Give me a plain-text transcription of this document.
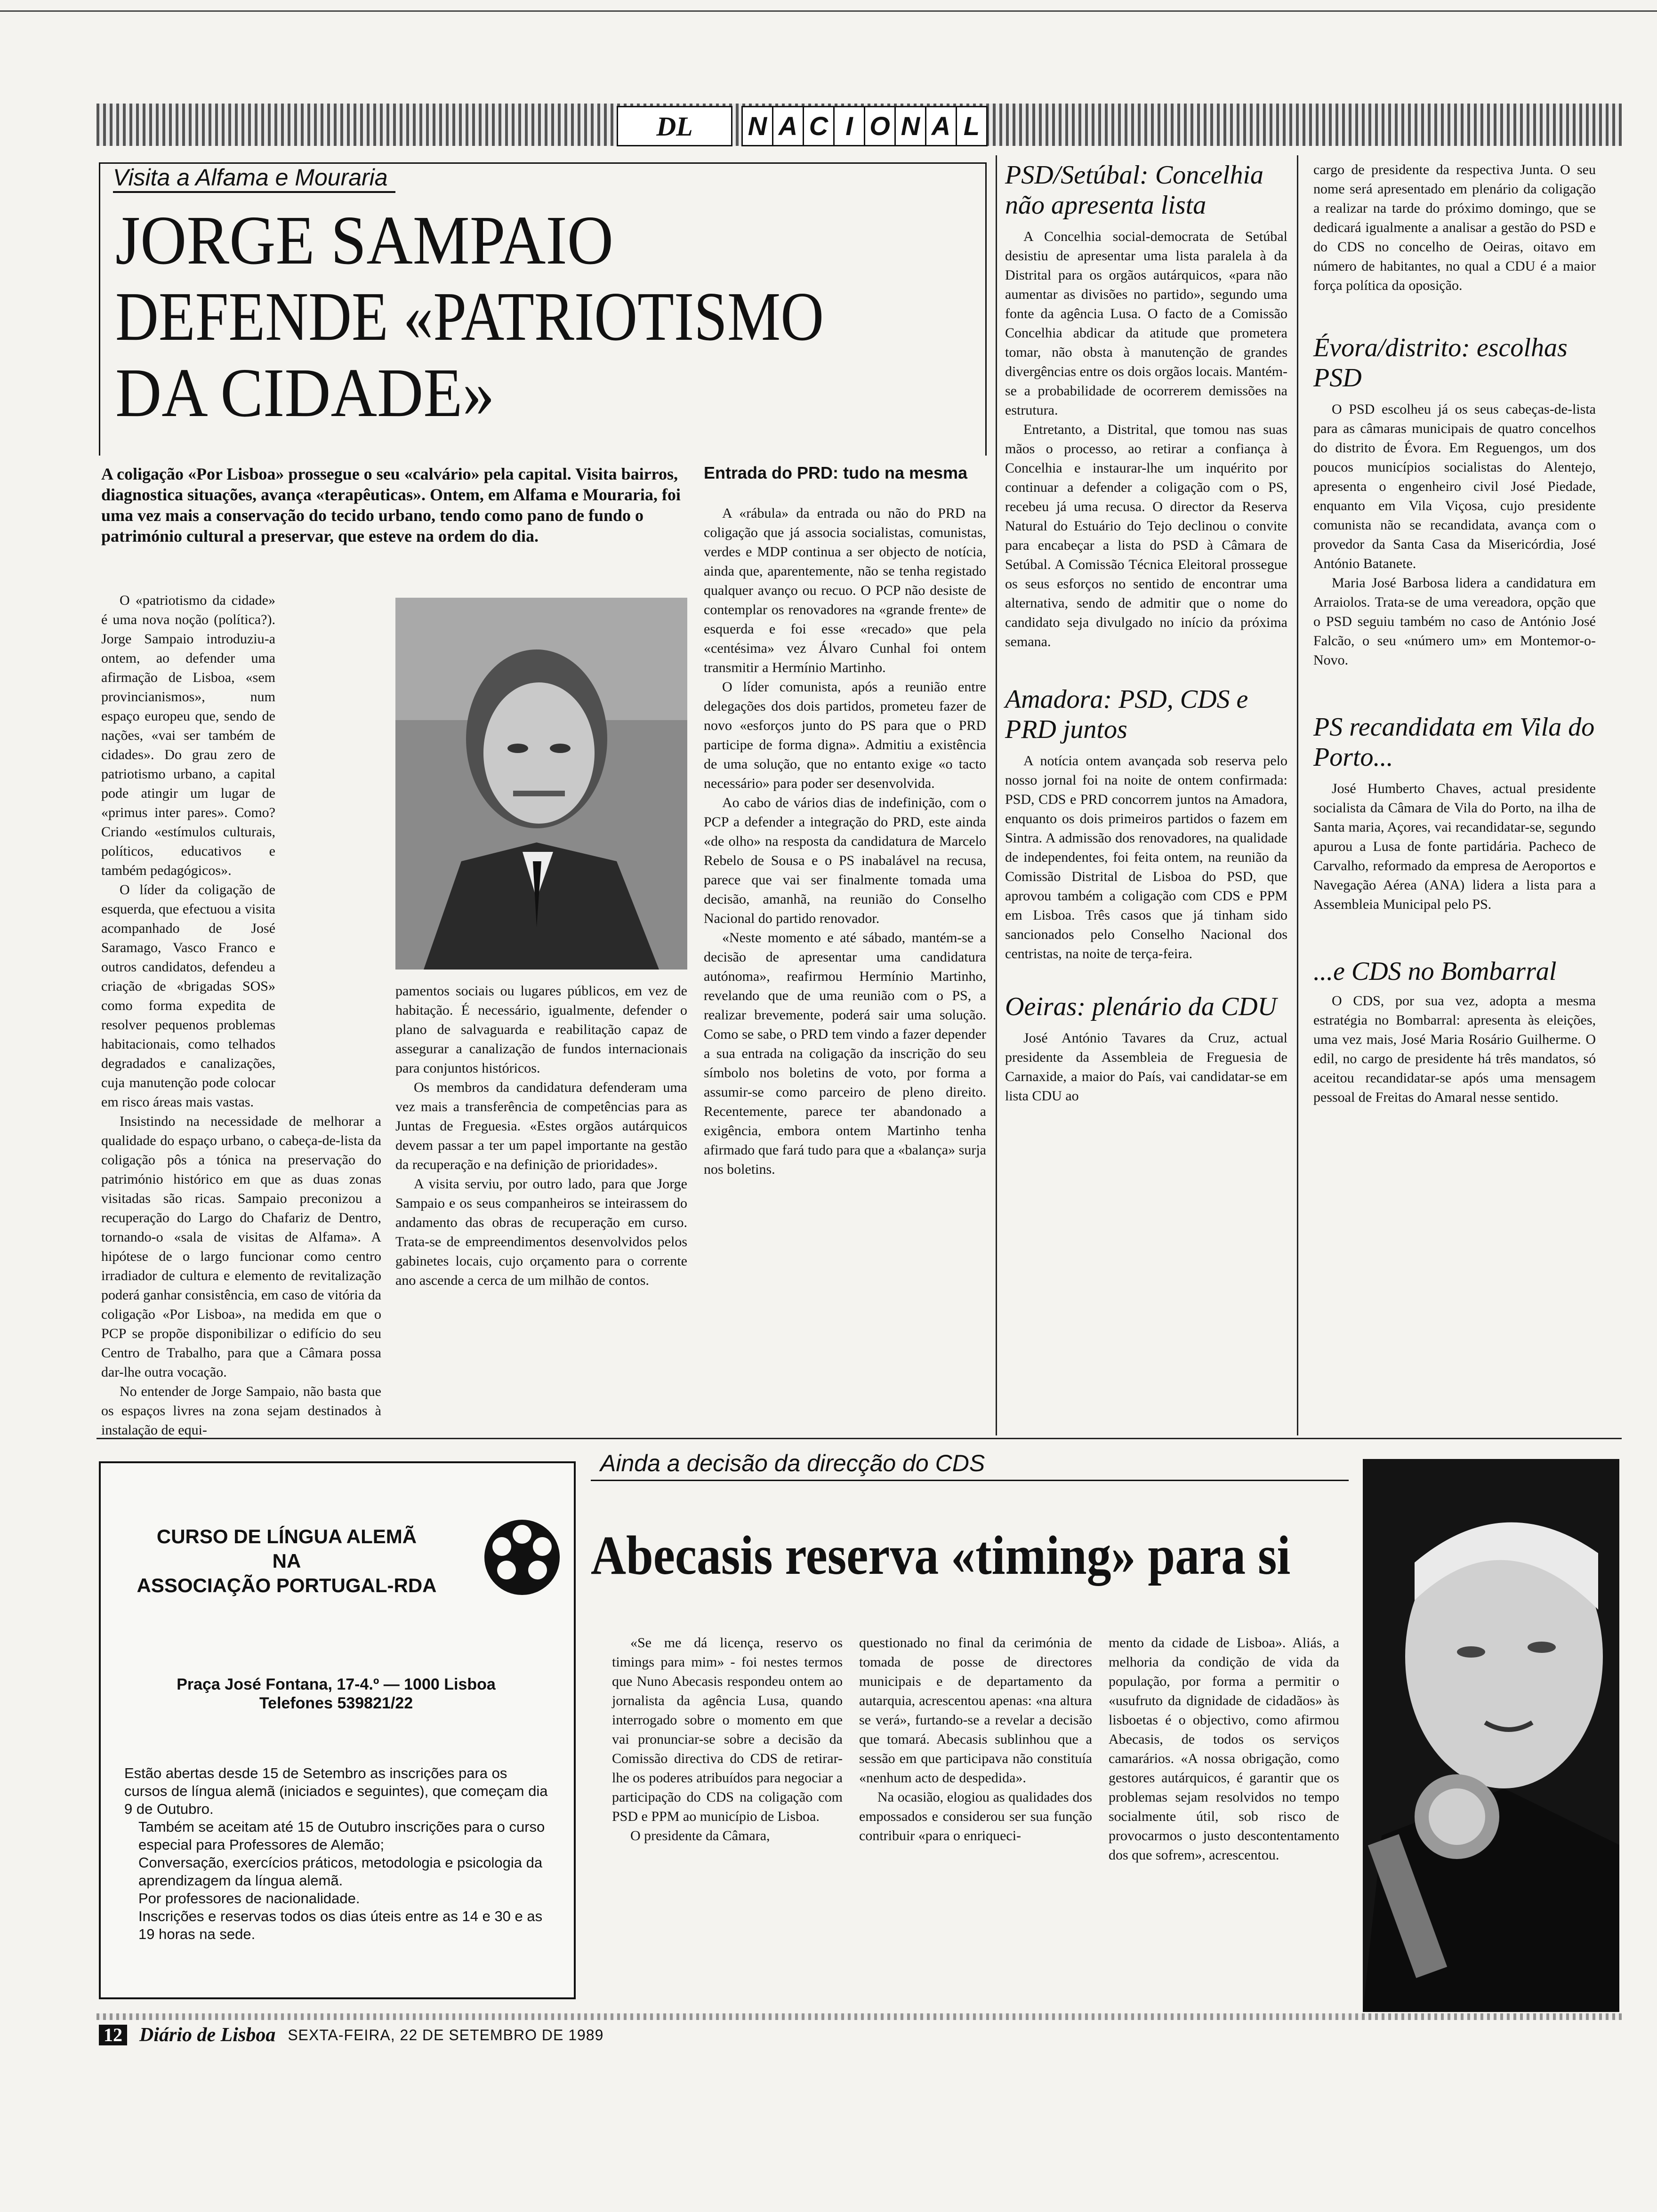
DL	N A C I O N A L
Visita a Alfama e Mouraria
JORGE SAMPAIO
DEFENDE «PATRIOTISMO
DA CIDADE»
A coligação «Por Lisboa» prossegue o seu «calvário» pela capital. Visita bairros, diagnostica situações, avança «terapêuticas». Ontem, em Alfama e Mouraria, foi uma vez mais a conservação do tecido urbano, tendo como pano de fundo o património cultural a preservar, que esteve na ordem do dia.

O «patriotismo da cidade» é uma nova noção (política?). Jorge Sampaio introduziu-a ontem, ao defender uma afirmação de Lisboa, «sem provincianismos», num espaço europeu que, sendo de nações, «vai ser também de cidades». Do grau zero de patriotismo urbano, a capital pode atingir um lugar de «primus inter pares». Como? Criando «estímulos culturais, políticos, educativos e também pedagógicos».

O líder da coligação de esquerda, que efectuou a visita acompanhado de José Saramago, Vasco Franco e outros candidatos, defendeu a criação de «brigadas SOS» como forma expedita de resolver pequenos problemas habitacionais, como telhados degradados e canalizações, cuja manutenção pode colocar em risco áreas mais vastas.

Insistindo na necessidade de melhorar a qualidade do espaço urbano, o cabeça-de-lista da coligação pôs a tónica na preservação do património histórico em que as duas zonas visitadas são ricas. Sampaio preconizou a recuperação do Largo do Chafariz de Dentro, tornando-o «sala de visitas de Alfama». A hipótese de o largo funcionar como centro irradiador de cultura e elemento de revitalização poderá ganhar consistência, em caso de vitória da coligação «Por Lisboa», na medida em que o PCP se propõe disponibilizar o edifício do seu Centro de Trabalho, para que a Câmara possa dar-lhe outra vocação.

No entender de Jorge Sampaio, não basta que os espaços livres na zona sejam destinados à instalação de equi-

pamentos sociais ou lugares públicos, em vez de habitação. É necessário, igualmente, defender o plano de salvaguarda e reabilitação capaz de assegurar a canalização de fundos internacionais para conjuntos históricos.

Os membros da candidatura defenderam uma vez mais a transferência de competências para as Juntas de Freguesia. «Estes orgãos autárquicos devem passar a ter um papel importante na gestão da recuperação e na definição de prioridades».

A visita serviu, por outro lado, para que Jorge Sampaio e os seus companheiros se inteirassem do andamento das obras de recuperação em curso. Trata-se de empreendimentos desenvolvidos pelos gabinetes locais, cujo orçamento para o corrente ano ascende a cerca de um milhão de contos.

Entrada do PRD: tudo na mesma

A «rábula» da entrada ou não do PRD na coligação que já associa socialistas, comunistas, verdes e MDP continua a ser objecto de notícia, ainda que, aparentemente, não se tenha registado qualquer avanço ou recuo. O PCP não desiste de contemplar os renovadores na «grande frente» de esquerda e foi esse «recado» que pela «centésima» vez Álvaro Cunhal foi ontem transmitir a Hermínio Martinho.

O líder comunista, após a reunião entre delegações dos dois partidos, prometeu fazer de novo «esforços junto do PS para que o PRD participe de forma digna». Admitiu a existência de uma solução, que no entanto exige «o tacto necessário» para poder ser desenvolvida.

Ao cabo de vários dias de indefinição, com o PCP a defender a integração do PRD, este ainda «de olho» na resposta da candidatura de Marcelo Rebelo de Sousa e o PS inabalável na recusa, parece que vai ser finalmente tomada uma decisão, amanhã, na reunião do Conselho Nacional do partido renovador.

«Neste momento e até sábado, mantém-se a decisão de apresentar uma candidatura autónoma», reafirmou Hermínio Martinho, revelando que de uma reunião com o PS, a realizar brevemente, poderá sair uma solução. Como se sabe, o PRD tem vindo a fazer depender a sua entrada na coligação da inscrição do seu símbolo nos boletins de voto, por forma a assumir-se como parceiro de pleno direito. Recentemente, parece ter abandonado a exigência, embora ontem Martinho tenha afirmado que fará tudo para que a «balança» surja nos boletins.

PSD/Setúbal: Concelhia não apresenta lista

A Concelhia social-democrata de Setúbal desistiu de apresentar uma lista paralela à da Distrital para os orgãos autárquicos, «para não aumentar as divisões no partido», segundo uma fonte da agência Lusa. O facto de a Comissão Concelhia abdicar da atitude que prometera tomar, não obsta à manutenção de grandes divergências entre os dois orgãos locais. Mantém-se a probabilidade de ocorrerem demissões na estrutura.

Entretanto, a Distrital, que tomou nas suas mãos o processo, ao retirar a confiança à Concelhia e instaurar-lhe um inquérito por continuar a defender a coligação com o PS, recebeu já uma recusa. O director da Reserva Natural do Estuário do Tejo declinou o convite para encabeçar a lista do PSD à Câmara de Setúbal. A Comissão Técnica Eleitoral prossegue os seus esforços no sentido de encontrar uma alternativa, sendo de admitir que o nome do candidato seja divulgado no início da próxima semana.

Amadora: PSD, CDS e PRD juntos

A notícia ontem avançada sob reserva pelo nosso jornal foi na noite de ontem confirmada: PSD, CDS e PRD concorrem juntos na Amadora, enquanto os dois primeiros partidos o fazem em Sintra. A admissão dos renovadores, na qualidade de independentes, foi feita ontem, na reunião da Comissão Distrital de Lisboa do PSD, que aprovou também a coligação com CDS e PPM em Lisboa. Três casos que já tinham sido sancionados pelo Conselho Nacional dos centristas, na noite de terça-feira.

Oeiras: plenário da CDU

José António Tavares da Cruz, actual presidente da Assembleia de Freguesia de Carnaxide, a maior do País, vai candidatar-se em lista CDU ao

cargo de presidente da respectiva Junta. O seu nome será apresentado em plenário da coligação a realizar na tarde do próximo domingo, que se dedicará igualmente a analisar a gestão do PSD e do CDS no concelho de Oeiras, oitavo em número de habitantes, no qual a CDU é a maior força política da oposição.

Évora/distrito: escolhas PSD

O PSD escolheu já os seus cabeças-de-lista para as câmaras municipais de quatro concelhos do distrito de Évora. Em Reguengos, um dos poucos municípios socialistas do Alentejo, apresenta o engenheiro civil José Piedade, enquanto em Vila Viçosa, cujo presidente comunista não se recandidata, avança com o provedor da Santa Casa da Misericórdia, José António Batanete.

Maria José Barbosa lidera a candidatura em Arraiolos. Trata-se de uma vereadora, opção que o PSD seguiu também no caso de António José Falcão, o seu «número um» em Montemor-o-Novo.

PS recandidata em Vila do Porto...

José Humberto Chaves, actual presidente socialista da Câmara de Vila do Porto, na ilha de Santa maria, Açores, vai recandidatar-se, segundo apurou a Lusa de fonte partidária. Pacheco de Carvalho, reformado da empresa de Aeroportos e Navegação Aérea (ANA) lidera a lista para a Assembleia Municipal pelo PS.

...e CDS no Bombarral

O CDS, por sua vez, adopta a mesma estratégia no Bombarral: apresenta às eleições, uma vez mais, José Maria Rosário Guilherme. O edil, no cargo de presidente há três mandatos, só aceitou recandidatar-se após uma mensagem pessoal de Freitas do Amaral nesse sentido.

CURSO DE LÍNGUA ALEMÃ
NA
ASSOCIAÇÃO PORTUGAL-RDA
Praça José Fontana, 17-4.º — 1000 Lisboa
Telefones 539821/22
Estão abertas desde 15 de Setembro as inscrições para os cursos de língua alemã (iniciados e seguintes), que começam dia 9 de Outubro.
Também se aceitam até 15 de Outubro inscrições para o curso especial para Professores de Alemão;
Conversação, exercícios práticos, metodologia e psicologia da aprendizagem da língua alemã.
Por professores de nacionalidade.
Inscrições e reservas todos os dias úteis entre as 14 e 30 e as 19 horas na sede.
Ainda a decisão da direcção do CDS
Abecasis reserva «timing» para si

«Se me dá licença, reservo os timings para mim» - foi nestes termos que Nuno Abecasis respondeu ontem ao jornalista da agência Lusa, quando interrogado sobre o momento em que vai pronunciar-se sobre a decisão da Comissão directiva do CDS de retirar-lhe os poderes atribuídos para negociar a participação do CDS na coligação com PSD e PPM ao município de Lisboa.

O presidente da Câmara,

questionado no final da cerimónia de tomada de posse de directores municipais e de departamento da autarquia, acrescentou apenas: «na altura se verá», furtando-se a revelar a decisão que tomará. Abecasis sublinhou que a sessão em que participava não constituía «nenhum acto de despedida».

Na ocasião, elogiou as qualidades dos empossados e considerou ser sua função contribuir «para o enriqueci-

mento da cidade de Lisboa». Aliás, a melhoria da condição de vida da população, por forma a permitir o «usufruto da dignidade de cidadãos» às lisboetas é o objectivo, como afirmou Abecasis, de todos os serviços camarários. «A nossa obrigação, como gestores autárquicos, é garantir que os problemas sejam resolvidos no tempo socialmente útil, sob risco de provocarmos o justo descontentamento dos que sofrem», acrescentou.

12 Diário de Lisboa SEXTA-FEIRA, 22 DE SETEMBRO DE 1989
